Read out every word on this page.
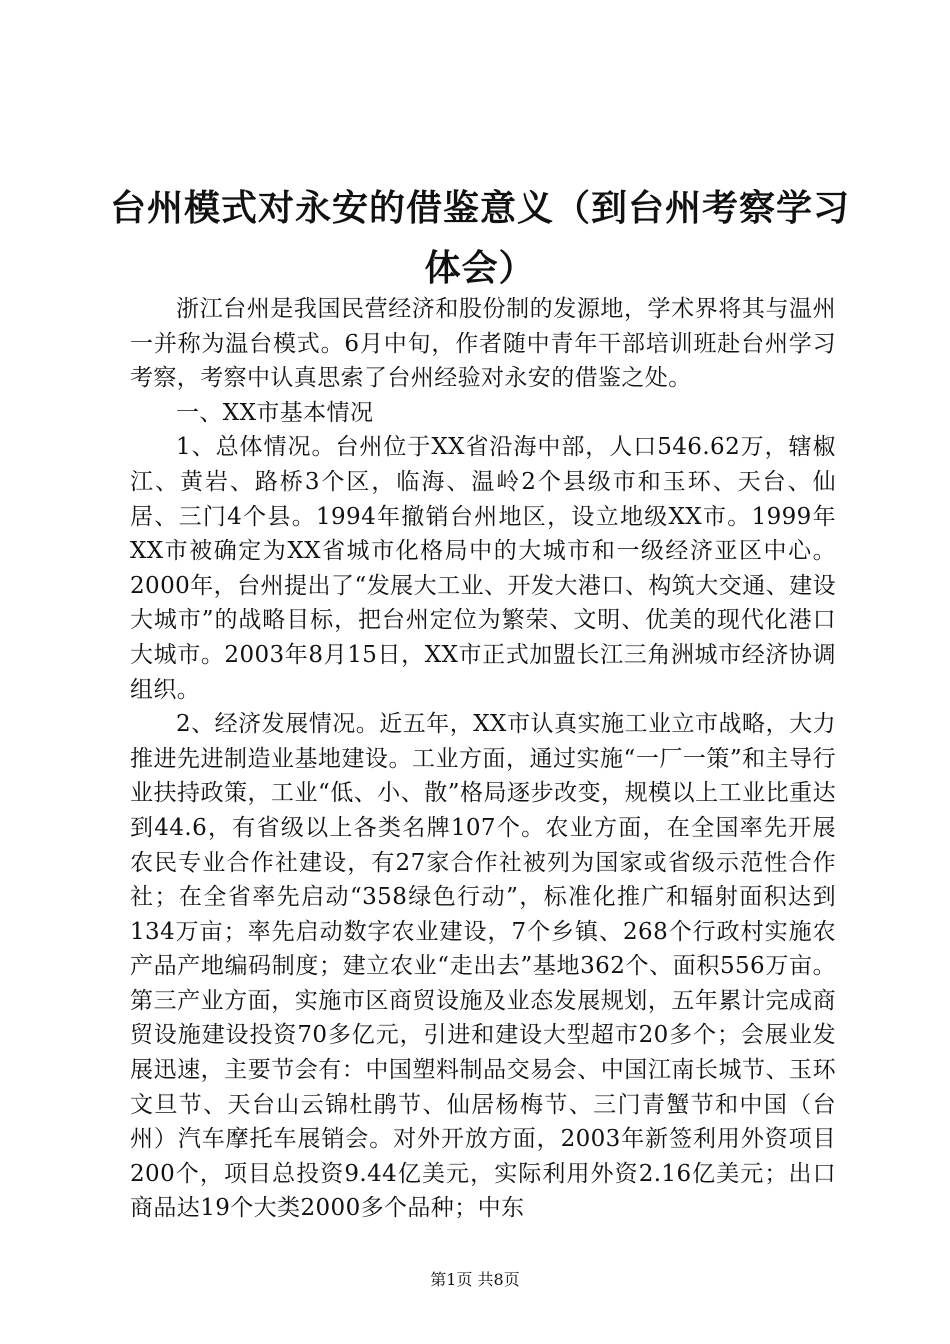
台州模式对永安的借鉴意义（到台州考察学习体会）

浙江台州是我国民营经济和股份制的发源地，学术界将其与温州一并称为温台模式。6月中旬，作者随中青年干部培训班赴台州学习考察，考察中认真思索了台州经验对永安的借鉴之处。

一、XX市基本情况

1、总体情况。台州位于XX省沿海中部，人口546.62万，辖椒江、黄岩、路桥3个区，临海、温岭2个县级市和玉环、天台、仙居、三门4个县。1994年撤销台州地区，设立地级XX市。1999年XX市被确定为XX省城市化格局中的大城市和一级经济亚区中心。2000年，台州提出了“发展大工业、开发大港口、构筑大交通、建设大城市”的战略目标，把台州定位为繁荣、文明、优美的现代化港口大城市。2003年8月15日，XX市正式加盟长江三角洲城市经济协调组织。

2、经济发展情况。近五年，XX市认真实施工业立市战略，大力推进先进制造业基地建设。工业方面，通过实施“一厂一策”和主导行业扶持政策，工业“低、小、散”格局逐步改变，规模以上工业比重达到44.6，有省级以上各类名牌107个。农业方面，在全国率先开展农民专业合作社建设，有27家合作社被列为国家或省级示范性合作社；在全省率先启动“358绿色行动”，标准化推广和辐射面积达到134万亩；率先启动数字农业建设，7个乡镇、268个行政村实施农产品产地编码制度；建立农业“走出去”基地362个、面积556万亩。第三产业方面，实施市区商贸设施及业态发展规划，五年累计完成商贸设施建设投资70多亿元，引进和建设大型超市20多个；会展业发展迅速，主要节会有：中国塑料制品交易会、中国江南长城节、玉环文旦节、天台山云锦杜鹃节、仙居杨梅节、三门青蟹节和中国（台州）汽车摩托车展销会。对外开放方面，2003年新签利用外资项目200个，项目总投资9.44亿美元，实际利用外资2.16亿美元；出口商品达19个大类2000多个品种；中东

第1页 共8页
